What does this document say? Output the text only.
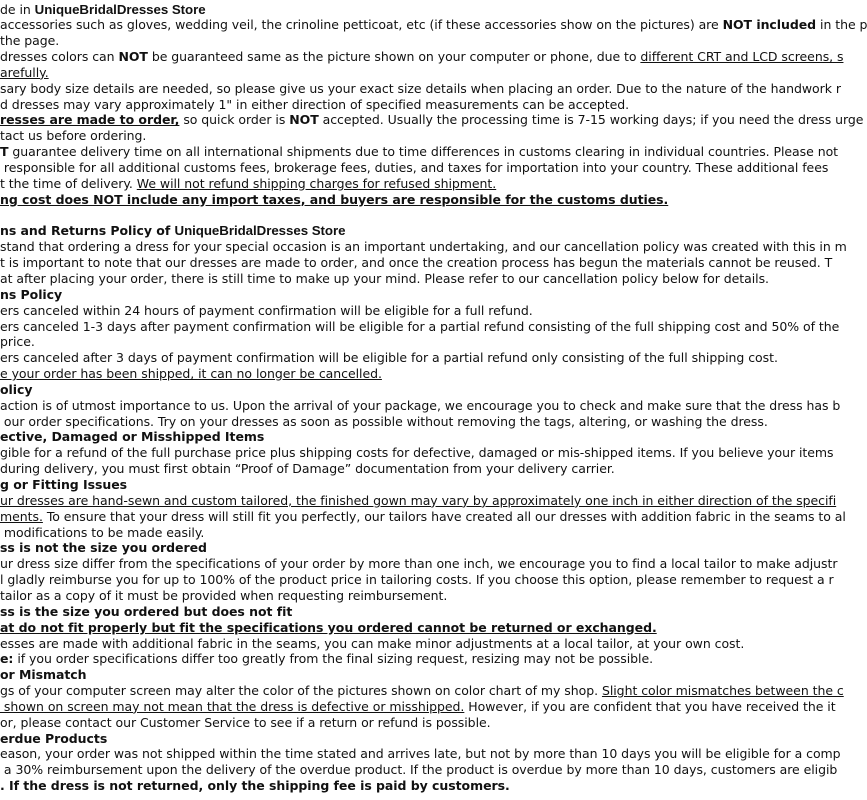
de in UniqueBridalDresses Store
accessories such as gloves, wedding veil, the crinoline petticoat, etc (if these accessories show on the pictures) are NOT included in the p
the page.
dresses colors can NOT be guaranteed same as the picture shown on your computer or phone, due to different CRT and LCD screens, s
arefully.
sary body size details are needed, so please give us your exact size details when placing an order. Due to the nature of the handwork r
d dresses may vary approximately 1" in either direction of specified measurements can be accepted.
resses are made to order, so quick order is NOT accepted. Usually the processing time is 7-15 working days; if you need the dress urge
tact us before ordering.
T guarantee delivery time on all international shipments due to time differences in customs clearing in individual countries. Please not
responsible for all additional customs fees, brokerage fees, duties, and taxes for importation into your country. These additional fees
t the time of delivery. We will not refund shipping charges for refused shipment.
ng cost does NOT include any import taxes, and buyers are responsible for the customs duties.
ns and Returns Policy of UniqueBridalDresses Store
stand that ordering a dress for your special occasion is an important undertaking, and our cancellation policy was created with this in m
t is important to note that our dresses are made to order, and once the creation process has begun the materials cannot be reused. T
at after placing your order, there is still time to make up your mind. Please refer to our cancellation policy below for details.
ns Policy
ers canceled within 24 hours of payment confirmation will be eligible for a full refund.
ers canceled 1-3 days after payment confirmation will be eligible for a partial refund consisting of the full shipping cost and 50% of the
price.
ers canceled after 3 days of payment confirmation will be eligible for a partial refund only consisting of the full shipping cost.
e your order has been shipped, it can no longer be cancelled.
olicy
action is of utmost importance to us. Upon the arrival of your package, we encourage you to check and make sure that the dress has b
our order specifications. Try on your dresses as soon as possible without removing the tags, altering, or washing the dress.
ective, Damaged or Misshipped Items
gible for a refund of the full purchase price plus shipping costs for defective, damaged or mis-shipped items. If you believe your items
during delivery, you must first obtain “Proof of Damage” documentation from your delivery carrier.
g or Fitting Issues
ur dresses are hand-sewn and custom tailored, the finished gown may vary by approximately one inch in either direction of the specifi
ments. To ensure that your dress will still fit you perfectly, our tailors have created all our dresses with addition fabric in the seams to al
modifications to be made easily.
ss is not the size you ordered
ur dress size differ from the specifications of your order by more than one inch, we encourage you to find a local tailor to make adjustr
l gladly reimburse you for up to 100% of the product price in tailoring costs. If you choose this option, please remember to request a r
tailor as a copy of it must be provided when requesting reimbursement.
ss is the size you ordered but does not fit
at do not fit properly but fit the specifications you ordered cannot be returned or exchanged.
esses are made with additional fabric in the seams, you can make minor adjustments at a local tailor, at your own cost.
e: if you order specifications differ too greatly from the final sizing request, resizing may not be possible.
or Mismatch
gs of your computer screen may alter the color of the pictures shown on color chart of my shop. Slight color mismatches between the c
shown on screen may not mean that the dress is defective or misshipped. However, if you are confident that you have received the it
or, please contact our Customer Service to see if a return or refund is possible.
erdue Products
eason, your order was not shipped within the time stated and arrives late, but not by more than 10 days you will be eligible for a comp
a 30% reimbursement upon the delivery of the overdue product. If the product is overdue by more than 10 days, customers are eligib
. If the dress is not returned, only the shipping fee is paid by customers.
